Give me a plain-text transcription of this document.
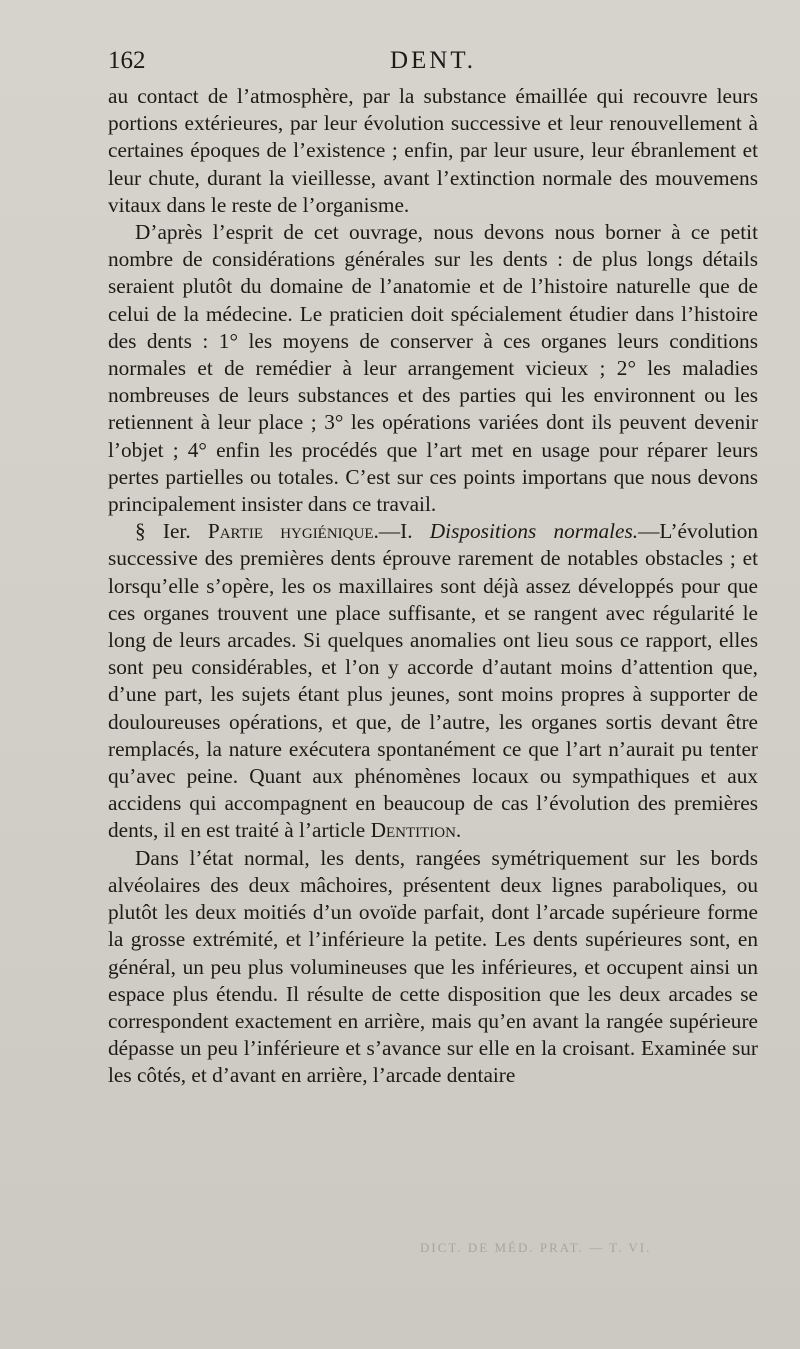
162	DENT.

au contact de l’atmosphère, par la substance émaillée qui recouvre leurs portions extérieures, par leur évolution successive et leur renouvellement à certaines époques de l’existence ; enfin, par leur usure, leur ébranlement et leur chute, durant la vieillesse, avant l’extinction normale des mouvemens vitaux dans le reste de l’organisme.

D’après l’esprit de cet ouvrage, nous devons nous borner à ce petit nombre de considérations générales sur les dents : de plus longs détails seraient plutôt du domaine de l’anatomie et de l’histoire naturelle que de celui de la médecine. Le praticien doit spécialement étudier dans l’histoire des dents : 1° les moyens de conserver à ces organes leurs conditions normales et de remédier à leur arrangement vicieux ; 2° les maladies nombreuses de leurs substances et des parties qui les environnent ou les retiennent à leur place ; 3° les opérations variées dont ils peuvent devenir l’objet ; 4° enfin les procédés que l’art met en usage pour réparer leurs pertes partielles ou totales. C’est sur ces points importans que nous devons principalement insister dans ce travail.

§ Ier. Partie hygiénique.—I. Dispositions normales.—L’évolution successive des premières dents éprouve rarement de notables obstacles ; et lorsqu’elle s’opère, les os maxillaires sont déjà assez développés pour que ces organes trouvent une place suffisante, et se rangent avec régularité le long de leurs arcades. Si quelques anomalies ont lieu sous ce rapport, elles sont peu considérables, et l’on y accorde d’autant moins d’attention que, d’une part, les sujets étant plus jeunes, sont moins propres à supporter de douloureuses opérations, et que, de l’autre, les organes sortis devant être remplacés, la nature exécutera spontanément ce que l’art n’aurait pu tenter qu’avec peine. Quant aux phénomènes locaux ou sympathiques et aux accidens qui accompagnent en beaucoup de cas l’évolution des premières dents, il en est traité à l’article Dentition.

Dans l’état normal, les dents, rangées symétriquement sur les bords alvéolaires des deux mâchoires, présentent deux lignes paraboliques, ou plutôt les deux moitiés d’un ovoïde parfait, dont l’arcade supérieure forme la grosse extrémité, et l’inférieure la petite. Les dents supérieures sont, en général, un peu plus volumineuses que les inférieures, et occupent ainsi un espace plus étendu. Il résulte de cette disposition que les deux arcades se correspondent exactement en arrière, mais qu’en avant la rangée supérieure dépasse un peu l’inférieure et s’avance sur elle en la croisant. Examinée sur les côtés, et d’avant en arrière, l’arcade dentaire

DICT. DE MÉD. PRAT. — T. VI.
